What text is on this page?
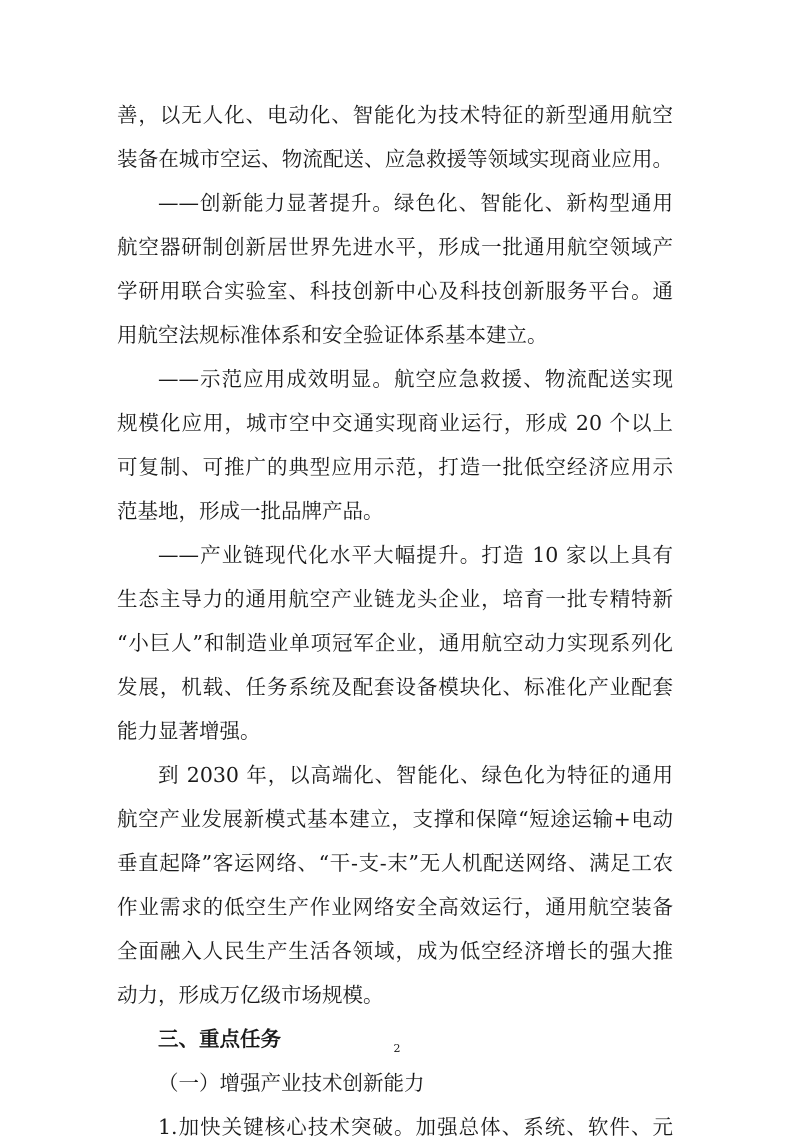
善，以无人化、电动化、智能化为技术特征的新型通用航空
装备在城市空运、物流配送、应急救援等领域实现商业应用。
——创新能力显著提升。绿色化、智能化、新构型通用
航空器研制创新居世界先进水平，形成一批通用航空领域产
学研用联合实验室、科技创新中心及科技创新服务平台。通
用航空法规标准体系和安全验证体系基本建立。
——示范应用成效明显。航空应急救援、物流配送实现
规模化应用，城市空中交通实现商业运行，形成 20 个以上
可复制、可推广的典型应用示范，打造一批低空经济应用示
范基地，形成一批品牌产品。
——产业链现代化水平大幅提升。打造 10 家以上具有
生态主导力的通用航空产业链龙头企业，培育一批专精特新
“小巨人”和制造业单项冠军企业，通用航空动力实现系列化
发展，机载、任务系统及配套设备模块化、标准化产业配套
能力显著增强。
到 2030 年，以高端化、智能化、绿色化为特征的通用
航空产业发展新模式基本建立，支撑和保障“短途运输+电动
垂直起降”客运网络、“干-支-末”无人机配送网络、满足工农
作业需求的低空生产作业网络安全高效运行，通用航空装备
全面融入人民生产生活各领域，成为低空经济增长的强大推
动力，形成万亿级市场规模。
三、重点任务
（一）增强产业技术创新能力
1.加快关键核心技术突破。加强总体、系统、软件、元
2
